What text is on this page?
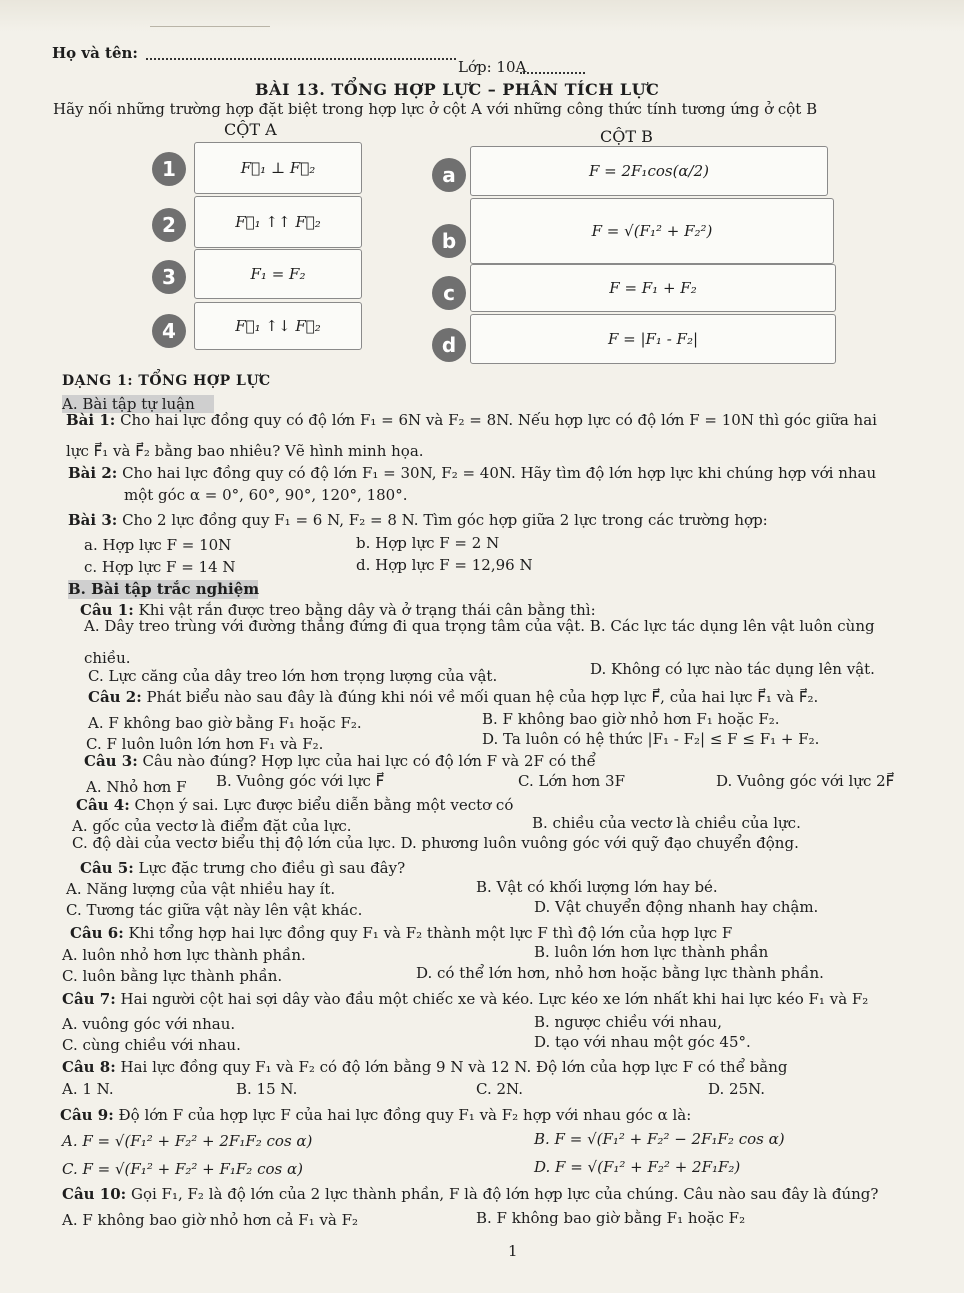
Họ và tên:
Lớp: 10A
BÀI 13. TỔNG HỢP LỰC – PHÂN TÍCH LỰC
Hãy nối những trường hợp đặt biệt trong hợp lực ở cột A với những công thức tính tương ứng ở cột B
CỘT A	CỘT B
1	F⃗₁ ⊥ F⃗₂
2	F⃗₁ ↑↑ F⃗₂
3	F₁ = F₂
4	F⃗₁ ↑↓ F⃗₂
a	F = 2F₁cos(α/2)
b	F = √(F₁² + F₂²)
c	F = F₁ + F₂
d	F = |F₁ - F₂|
DẠNG 1: TỔNG HỢP LỰC
A. Bài tập tự luận
Bài 1: Cho hai lực đồng quy có độ lớn F₁ = 6N và F₂ = 8N. Nếu hợp lực có độ lớn F = 10N thì góc giữa hai
lực F⃗₁ và F⃗₂ bằng bao nhiêu? Vẽ hình minh họa.
Bài 2: Cho hai lực đồng quy có độ lớn F₁ = 30N, F₂ = 40N. Hãy tìm độ lớn hợp lực khi chúng hợp với nhau
một góc α = 0°, 60°, 90°, 120°, 180°.
Bài 3: Cho 2 lực đồng quy F₁ = 6 N, F₂ = 8 N. Tìm góc hợp giữa 2 lực trong các trường hợp:
a. Hợp lực F = 10N	b. Hợp lực F = 2 N
c. Hợp lực F = 14 N	d. Hợp lực F = 12,96 N
B. Bài tập trắc nghiệm
Câu 1: Khi vật rắn được treo bằng dây và ở trạng thái cân bằng thì:
A. Dây treo trùng với đường thẳng đứng đi qua trọng tâm của vật. B. Các lực tác dụng lên vật luôn cùng
chiều.
C. Lực căng của dây treo lớn hơn trọng lượng của vật.	D. Không có lực nào tác dụng lên vật.
Câu 2: Phát biểu nào sau đây là đúng khi nói về mối quan hệ của hợp lực F⃗, của hai lực F⃗₁ và F⃗₂.
A. F không bao giờ bằng F₁ hoặc F₂.	B. F không bao giờ nhỏ hơn F₁ hoặc F₂.
C. F luôn luôn lớn hơn F₁ và F₂.	D. Ta luôn có hệ thức |F₁ - F₂| ≤ F ≤ F₁ + F₂.
Câu 3: Câu nào đúng? Hợp lực của hai lực có độ lớn F và 2F có thể
A. Nhỏ hơn F B. Vuông góc với lực F⃗	C. Lớn hơn 3F	D. Vuông góc với lực 2F⃗
Câu 4: Chọn ý sai. Lực được biểu diễn bằng một vectơ có
A. gốc của vectơ là điểm đặt của lực.	B. chiều của vectơ là chiều của lực.
C. độ dài của vectơ biểu thị độ lớn của lực. D. phương luôn vuông góc với quỹ đạo chuyển động.
Câu 5: Lực đặc trưng cho điều gì sau đây?
A. Năng lượng của vật nhiều hay ít.	B. Vật có khối lượng lớn hay bé.
C. Tương tác giữa vật này lên vật khác.	D. Vật chuyển động nhanh hay chậm.
Câu 6: Khi tổng hợp hai lực đồng quy F₁ và F₂ thành một lực F thì độ lớn của hợp lực F
A. luôn nhỏ hơn lực thành phần.	B. luôn lớn hơn lực thành phần
C. luôn bằng lực thành phần.	D. có thể lớn hơn, nhỏ hơn hoặc bằng lực thành phần.
Câu 7: Hai người cột hai sợi dây vào đầu một chiếc xe và kéo. Lực kéo xe lớn nhất khi hai lực kéo F₁ và F₂
A. vuông góc với nhau.	B. ngược chiều với nhau,
C. cùng chiều với nhau.	D. tạo với nhau một góc 45°.
Câu 8: Hai lực đồng quy F₁ và F₂ có độ lớn bằng 9 N và 12 N. Độ lớn của hợp lực F có thể bằng
A. 1 N.	B. 15 N.	C. 2N.	D. 25N.
Câu 9: Độ lớn F của hợp lực F của hai lực đồng quy F₁ và F₂ hợp với nhau góc α là:
A. F = √(F₁² + F₂² + 2F₁F₂ cos α)	B. F = √(F₁² + F₂² − 2F₁F₂ cos α)
C. F = √(F₁² + F₂² + F₁F₂ cos α)	D. F = √(F₁² + F₂² + 2F₁F₂)
Câu 10: Gọi F₁, F₂ là độ lớn của 2 lực thành phần, F là độ lớn hợp lực của chúng. Câu nào sau đây là đúng?
A. F không bao giờ nhỏ hơn cả F₁ và F₂	B. F không bao giờ bằng F₁ hoặc F₂
1
